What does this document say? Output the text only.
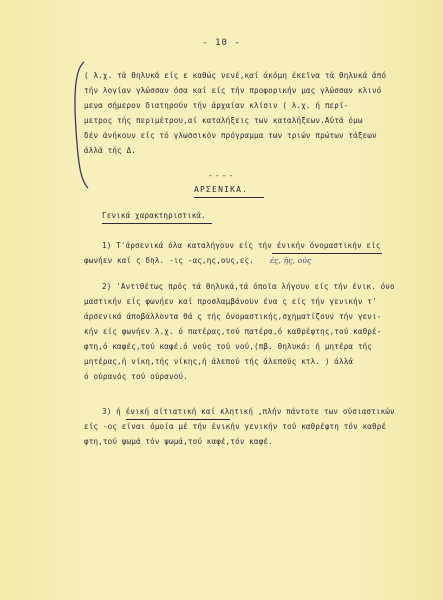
- 10 -
( λ.χ. τά θηλυκά είς ε καθώς νενέ,καί άκόμη έκεϊνα τά θηλυκά άπό
τήν λογίαν γλώσσαν όσα καί είς τήν προφορικήν μας γλώσσαν κλινό
μενα σήμερον διατηρούν τήν άρχαίαν κλίσιν ( λ.χ. ή περί-
μετρος τής περιμέτρου,αί καταλήξεις των καταλήξεων.Αύτά όμω
δέν άνήκουν είς τό γλωσσικόν πρόγραμμα των τριών πρώτων τάξεων
άλλά τής Δ.
----
ΑΡΣΕΝΙΚΑ.
Γενικά χαρακτηριστικά.
1) Τ'άρσενικά όλα καταλήγουν είς τήν ένικήν όνομαστικήν είς
φωνήεν καί ς δηλ. -ις -ας,ης,ους,ες. ές, ής, ούς
2) 'Αντιθέτως πρός τά θηλυκά,τά όποϊα λήγουν είς τήν ένικ. όνο
μαστικήν είς φωνήεν καί προσλαμβάνουν ένα ς είς τήν γενικήν τ'
άρσενικά άποβάλλοντα θά ς τής όνομαστικής,σχηματίζουν τήν γενι-
κήν είς φωνήεν λ.χ. ό πατέρας,τού πατέρα,ό καθρέφτης,τού καθρέ-
φτη,ό καφές,τού καφέ.ό νούς τού νού,(πβ. θηλυκά: ή μητέρα τής
μητέρας,ή νίκη,τής νίκης,ή άλεπού τής άλεπούς κτλ. ) άλλά
ό ούρανός τού ούρανού.
3) ή ένική αίτιατική καί κλητική ,πλήν πάντοτε των ούσιαστικών
είς -ος είναι όμοία μέ τήν ένικήν γενικήν τού καθρέφτη τόν καθρέ
φτη,τού ψωμά τόν ψωμά,τού καφέ,τόν καφέ.
